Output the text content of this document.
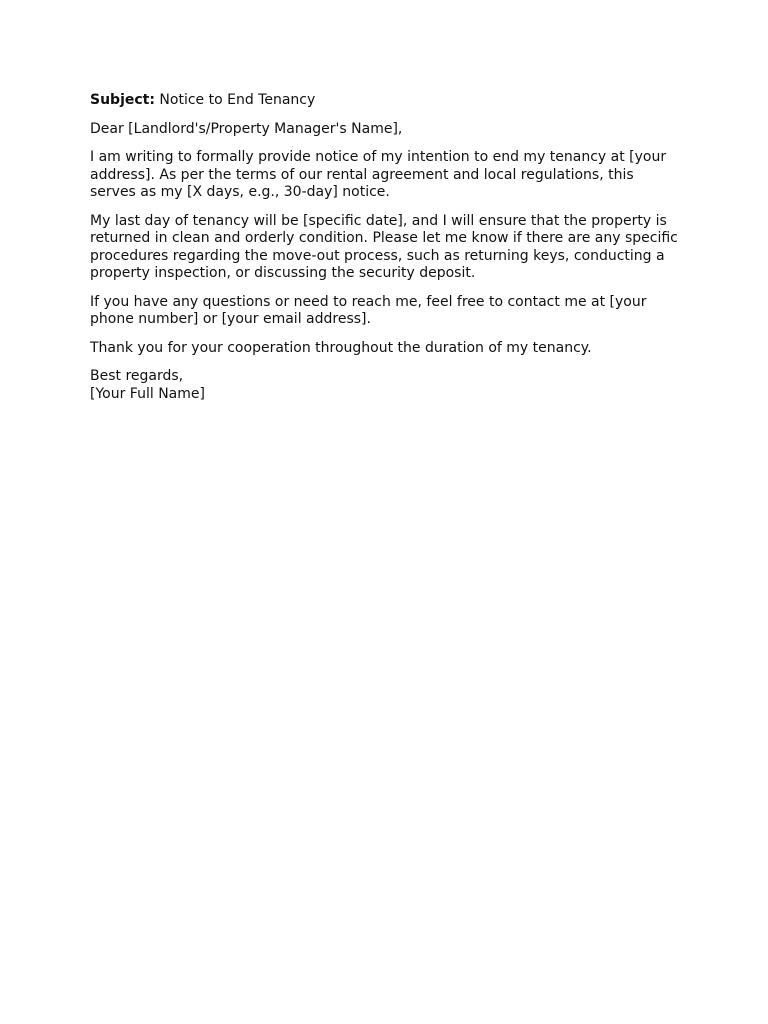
Subject: Notice to End Tenancy

Dear [Landlord's/Property Manager's Name],

I am writing to formally provide notice of my intention to end my tenancy at [your address]. As per the terms of our rental agreement and local regulations, this serves as my [X days, e.g., 30-day] notice.

My last day of tenancy will be [specific date], and I will ensure that the property is returned in clean and orderly condition. Please let me know if there are any specific procedures regarding the move-out process, such as returning keys, conducting a property inspection, or discussing the security deposit.

If you have any questions or need to reach me, feel free to contact me at [your phone number] or [your email address].

Thank you for your cooperation throughout the duration of my tenancy.

Best regards,
[Your Full Name]
